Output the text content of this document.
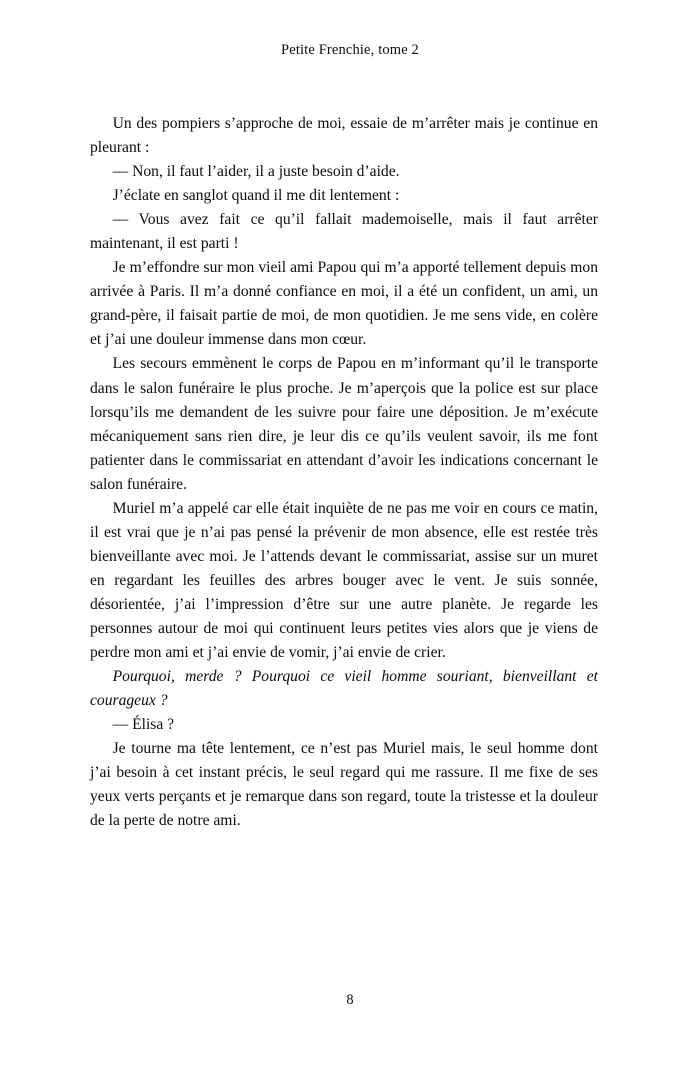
Petite Frenchie, tome 2

Un des pompiers s’approche de moi, essaie de m’arrêter mais je continue en pleurant :

— Non, il faut l’aider, il a juste besoin d’aide.

J’éclate en sanglot quand il me dit lentement :

— Vous avez fait ce qu’il fallait mademoiselle, mais il faut arrêter maintenant, il est parti !

Je m’effondre sur mon vieil ami Papou qui m’a apporté tellement depuis mon arrivée à Paris. Il m’a donné confiance en moi, il a été un confident, un ami, un grand-père, il faisait partie de moi, de mon quotidien. Je me sens vide, en colère et j’ai une douleur immense dans mon cœur.

Les secours emmènent le corps de Papou en m’informant qu’il le transporte dans le salon funéraire le plus proche. Je m’aperçois que la police est sur place lorsqu’ils me demandent de les suivre pour faire une déposition. Je m’exécute mécaniquement sans rien dire, je leur dis ce qu’ils veulent savoir, ils me font patienter dans le commissariat en attendant d’avoir les indications concernant le salon funéraire.

Muriel m’a appelé car elle était inquiète de ne pas me voir en cours ce matin, il est vrai que je n’ai pas pensé la prévenir de mon absence, elle est restée très bienveillante avec moi. Je l’attends devant le commissariat, assise sur un muret en regardant les feuilles des arbres bouger avec le vent. Je suis sonnée, désorientée, j’ai l’impression d’être sur une autre planète. Je regarde les personnes autour de moi qui continuent leurs petites vies alors que je viens de perdre mon ami et j’ai envie de vomir, j’ai envie de crier.

Pourquoi, merde ? Pourquoi ce vieil homme souriant, bienveillant et courageux ?

— Élisa ?

Je tourne ma tête lentement, ce n’est pas Muriel mais, le seul homme dont j’ai besoin à cet instant précis, le seul regard qui me rassure. Il me fixe de ses yeux verts perçants et je remarque dans son regard, toute la tristesse et la douleur de la perte de notre ami.

8
